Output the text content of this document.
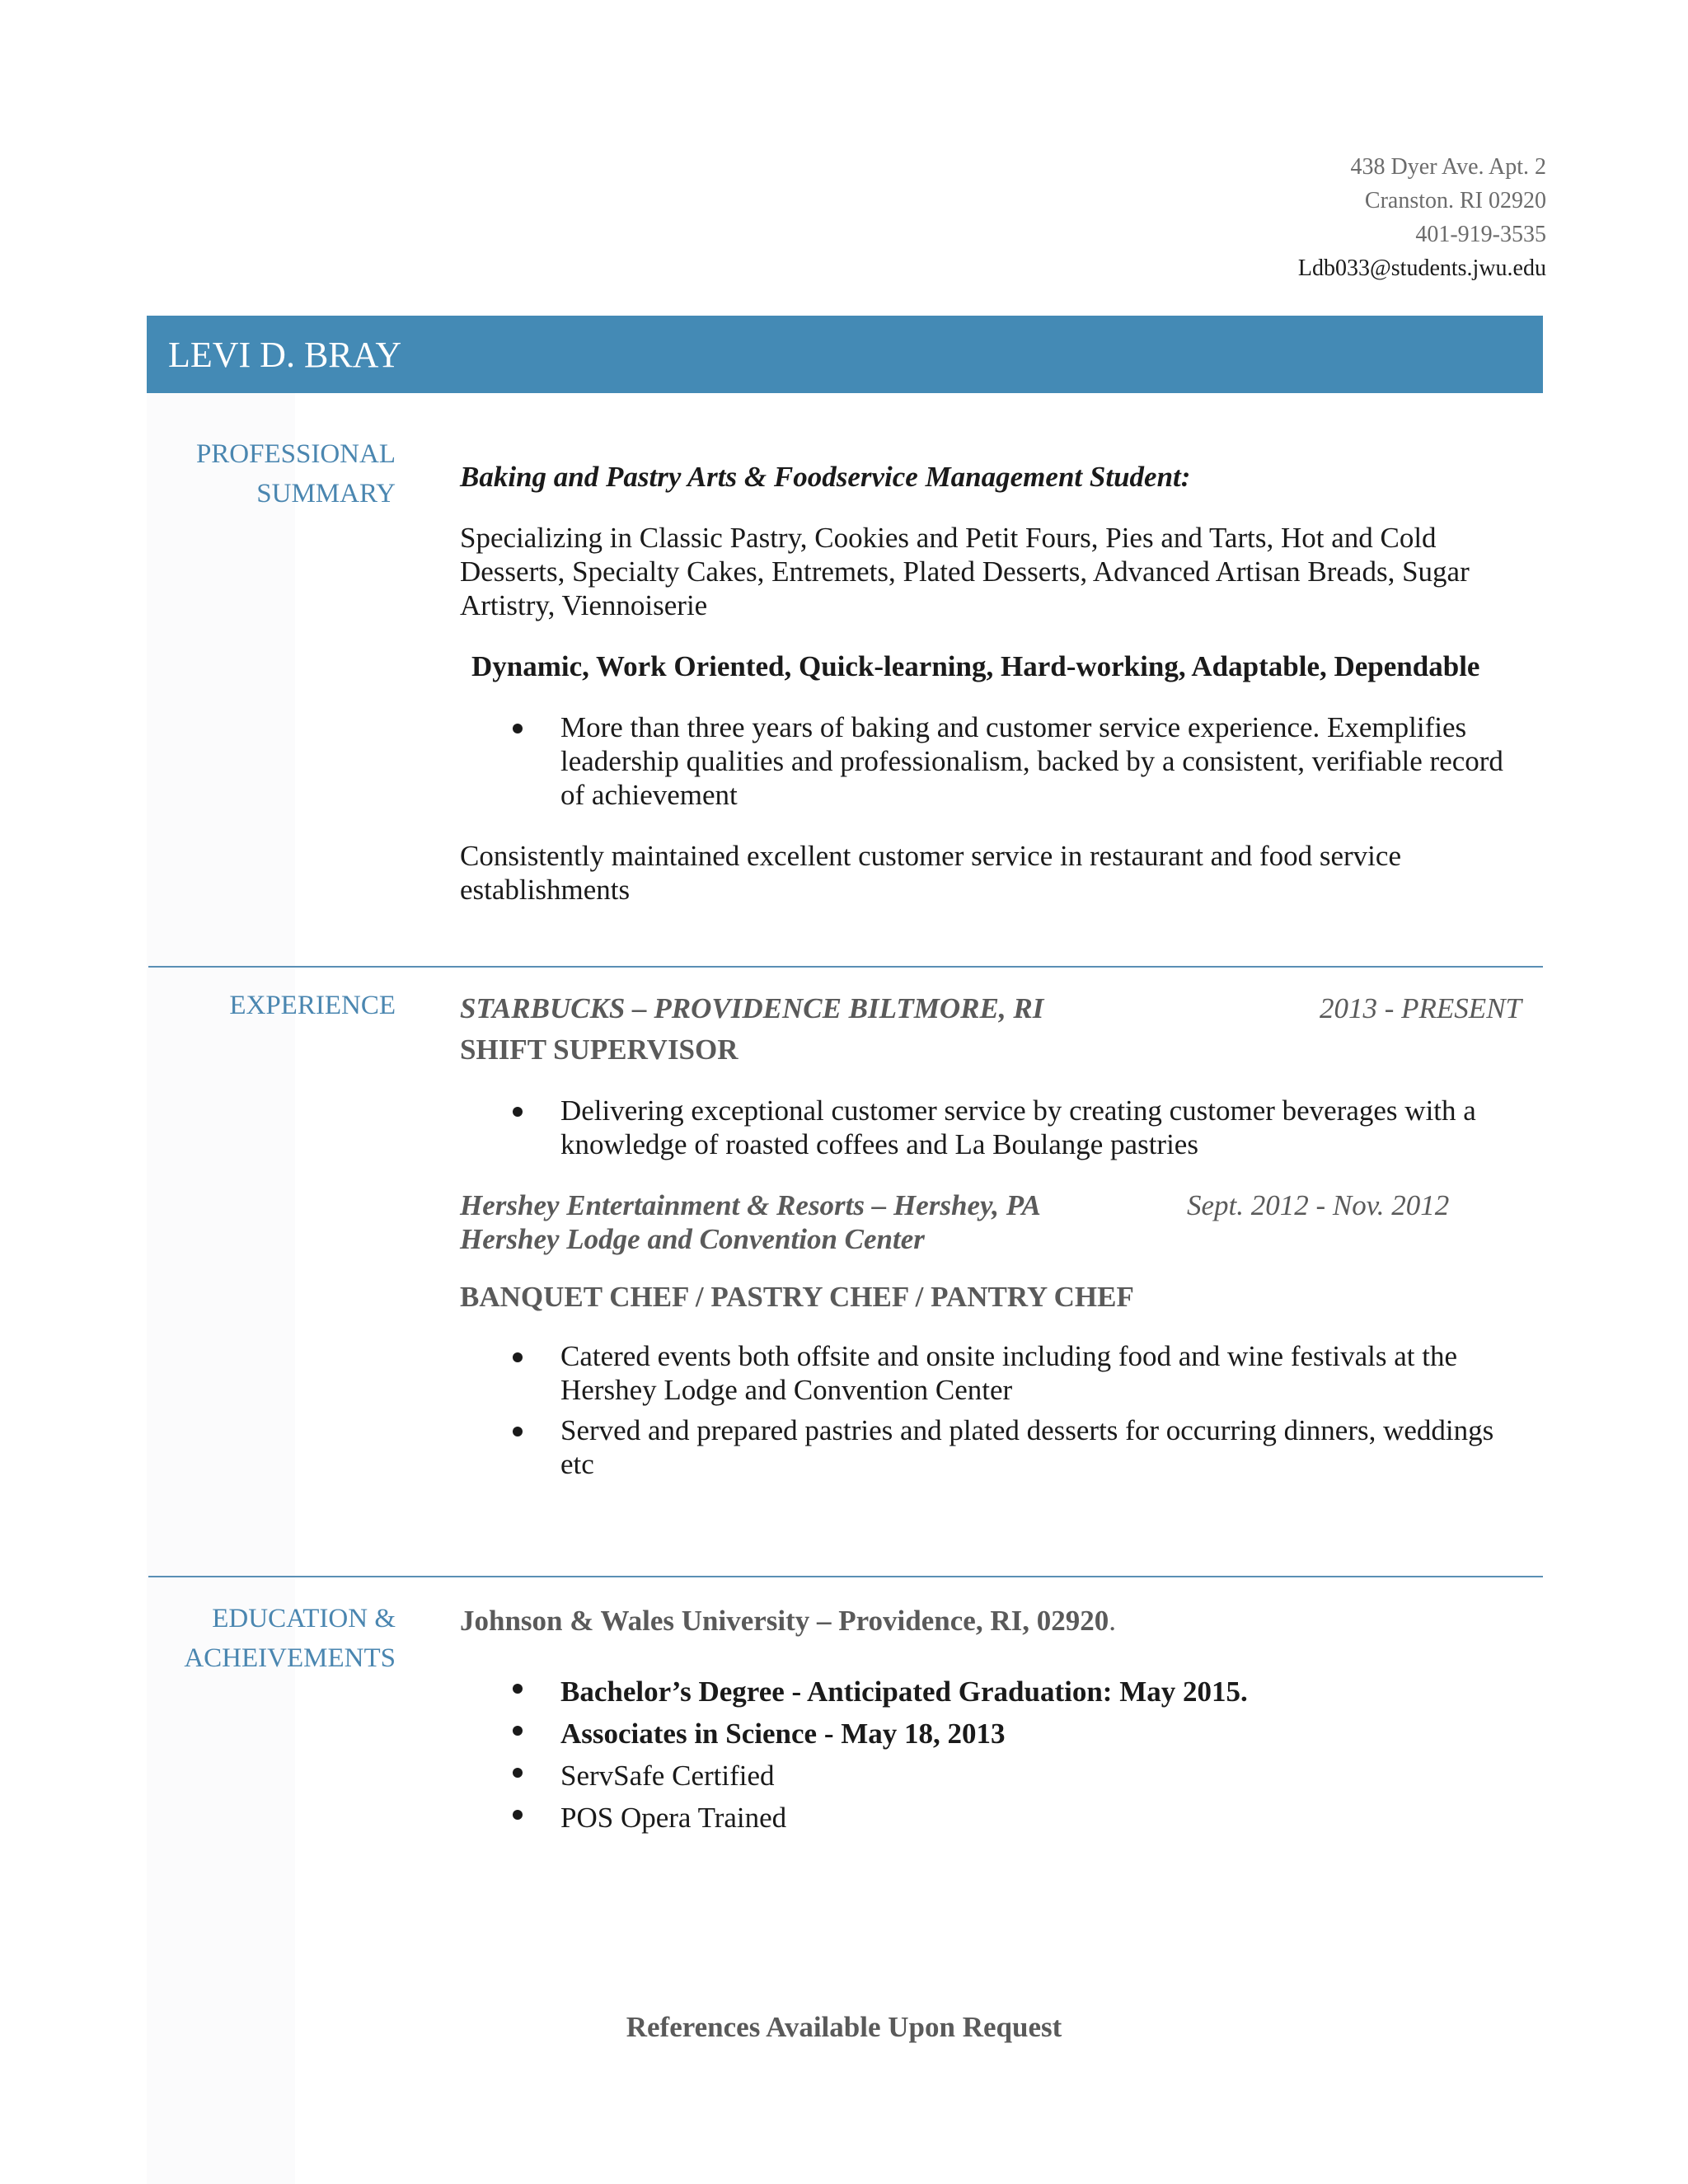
438 Dyer Ave. Apt. 2
Cranston. RI 02920
401-919-3535
Ldb033@students.jwu.edu
LEVI D. BRAY
PROFESSIONAL
SUMMARY

Baking and Pastry Arts & Foodservice Management Student:

Specializing in Classic Pastry, Cookies and Petit Fours, Pies and Tarts, Hot and Cold Desserts, Specialty Cakes, Entremets, Plated Desserts, Advanced Artisan Breads, Sugar Artistry, Viennoiserie

Dynamic, Work Oriented, Quick-learning, Hard-working, Adaptable, Dependable

More than three years of baking and customer service experience. Exemplifies leadership qualities and professionalism, backed by a consistent, verifiable record of achievement

Consistently maintained excellent customer service in restaurant and food service establishments

EXPERIENCE STARBUCKS – PROVIDENCE BILTMORE, RI	2013 - PRESENT

SHIFT SUPERVISOR

Delivering exceptional customer service by creating customer beverages with a knowledge of roasted coffees and La Boulange pastries
Hershey Entertainment & Resorts – Hershey, PA
Hershey Lodge and Convention Center
Sept. 2012 - Nov. 2012

BANQUET CHEF / PASTRY CHEF / PANTRY CHEF

Catered events both offsite and onsite including food and wine festivals at the Hershey Lodge and Convention Center
Served and prepared pastries and plated desserts for occurring dinners, weddings etc
EDUCATION &
ACHEIVEMENTS

Johnson & Wales University – Providence, RI, 02920.

Bachelor’s Degree - Anticipated Graduation: May 2015.
Associates in Science - May 18, 2013
ServSafe Certified
POS Opera Trained
References Available Upon Request
